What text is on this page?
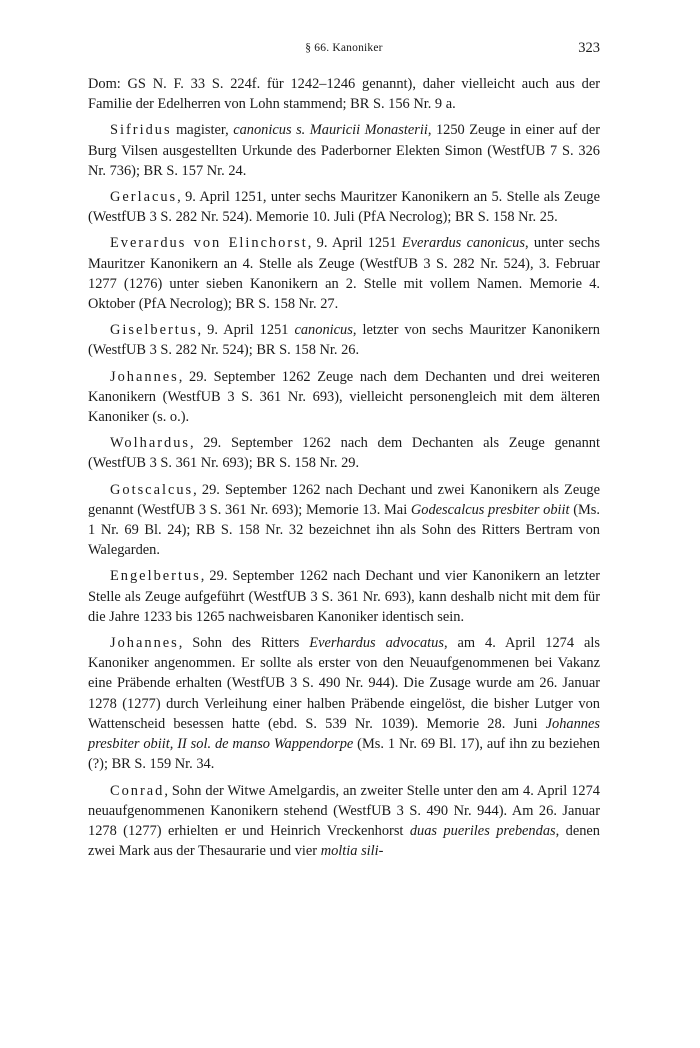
§ 66. Kanoniker	323

Dom: GS N. F. 33 S. 224f. für 1242–1246 genannt), daher vielleicht auch aus der Familie der Edelherren von Lohn stammend; BR S. 156 Nr. 9 a.

Sifridus magister, canonicus s. Mauricii Monasterii, 1250 Zeuge in einer auf der Burg Vilsen ausgestellten Urkunde des Paderborner Elekten Simon (WestfUB 7 S. 326 Nr. 736); BR S. 157 Nr. 24.

Gerlacus, 9. April 1251, unter sechs Mauritzer Kanonikern an 5. Stelle als Zeuge (WestfUB 3 S. 282 Nr. 524). Memorie 10. Juli (PfA Necrolog); BR S. 158 Nr. 25.

Everardus von Elinchorst, 9. April 1251 Everardus canonicus, unter sechs Mauritzer Kanonikern an 4. Stelle als Zeuge (WestfUB 3 S. 282 Nr. 524), 3. Februar 1277 (1276) unter sieben Kanonikern an 2. Stelle mit vollem Namen. Memorie 4. Oktober (PfA Necrolog); BR S. 158 Nr. 27.

Giselbertus, 9. April 1251 canonicus, letzter von sechs Mauritzer Kanonikern (WestfUB 3 S. 282 Nr. 524); BR S. 158 Nr. 26.

Johannes, 29. September 1262 Zeuge nach dem Dechanten und drei weiteren Kanonikern (WestfUB 3 S. 361 Nr. 693), vielleicht personengleich mit dem älteren Kanoniker (s. o.).

Wolhardus, 29. September 1262 nach dem Dechanten als Zeuge genannt (WestfUB 3 S. 361 Nr. 693); BR S. 158 Nr. 29.

Gotscalcus, 29. September 1262 nach Dechant und zwei Kanonikern als Zeuge genannt (WestfUB 3 S. 361 Nr. 693); Memorie 13. Mai Godescalcus presbiter obiit (Ms. 1 Nr. 69 Bl. 24); RB S. 158 Nr. 32 bezeichnet ihn als Sohn des Ritters Bertram von Walegarden.

Engelbertus, 29. September 1262 nach Dechant und vier Kanonikern an letzter Stelle als Zeuge aufgeführt (WestfUB 3 S. 361 Nr. 693), kann deshalb nicht mit dem für die Jahre 1233 bis 1265 nachweisbaren Kanoniker identisch sein.

Johannes, Sohn des Ritters Everhardus advocatus, am 4. April 1274 als Kanoniker angenommen. Er sollte als erster von den Neuaufgenommenen bei Vakanz eine Präbende erhalten (WestfUB 3 S. 490 Nr. 944). Die Zusage wurde am 26. Januar 1278 (1277) durch Verleihung einer halben Präbende eingelöst, die bisher Lutger von Wattenscheid besessen hatte (ebd. S. 539 Nr. 1039). Memorie 28. Juni Johannes presbiter obiit, II sol. de manso Wappendorpe (Ms. 1 Nr. 69 Bl. 17), auf ihn zu beziehen (?); BR S. 159 Nr. 34.

Conrad, Sohn der Witwe Amelgardis, an zweiter Stelle unter den am 4. April 1274 neuaufgenommenen Kanonikern stehend (WestfUB 3 S. 490 Nr. 944). Am 26. Januar 1278 (1277) erhielten er und Heinrich Vreckenhorst duas pueriles prebendas, denen zwei Mark aus der Thesaurarie und vier moltia sili-
